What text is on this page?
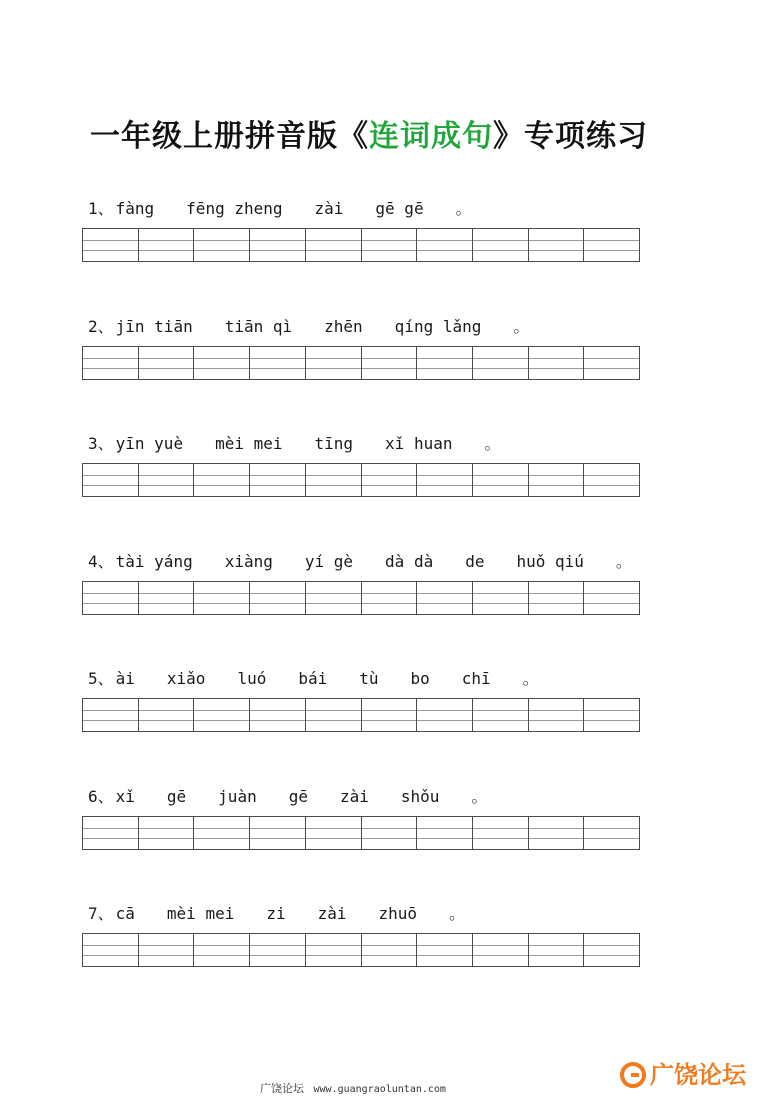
一年级上册拼音版《连词成句》专项练习
1、 fàng fēng zheng zài gē gē 。
2、 jīn tiān tiān qì zhēn qíng lǎng 。
3、 yīn yuè mèi mei tīng xǐ huan 。
4、 tài yáng xiàng yí gè dà dà de huǒ qiú 。
5、 ài xiǎo luó bái tù bo chī 。
6、 xǐ gē juàn gē zài shǒu 。
7、 cā mèi mei zi zài zhuō 。
广饶论坛 www.guangraoluntan.com
广饶论坛
